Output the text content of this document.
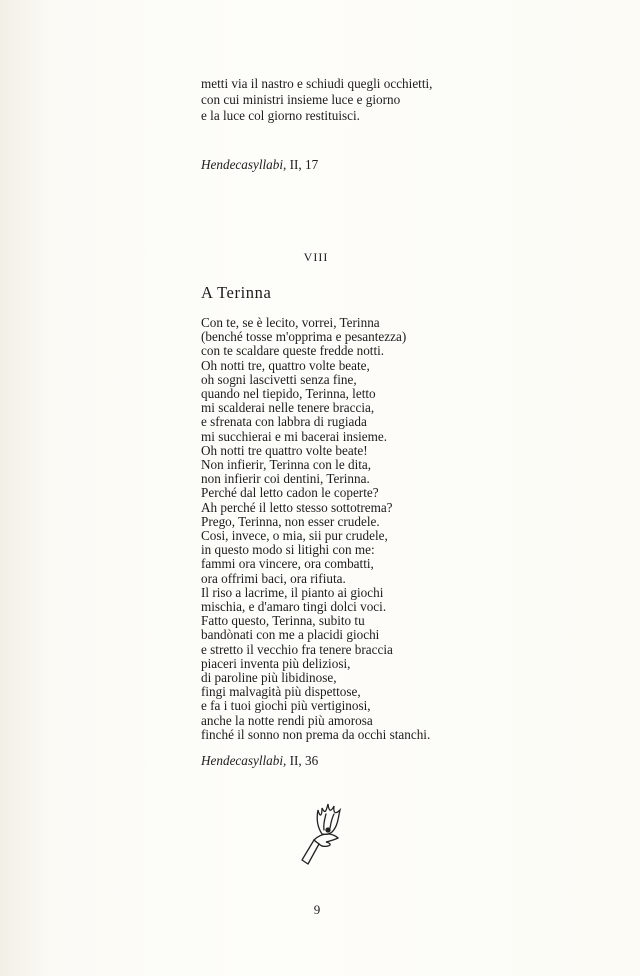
metti via il nastro e schiudi quegli occhietti,
con cui ministri insieme luce e giorno
e la luce col giorno restituisci.
Hendecasyllabi, II, 17
VIII
A Terinna
Con te, se è lecito, vorrei, Terinna
(benché tosse m'opprima e pesantezza)
con te scaldare queste fredde notti.
Oh notti tre, quattro volte beate,
oh sogni lascivetti senza fine,
quando nel tiepido, Terinna, letto
mi scalderai nelle tenere braccia,
e sfrenata con labbra di rugiada
mi succhierai e mi bacerai insieme.
Oh notti tre quattro volte beate!
Non infierir, Terinna con le dita,
non infierir coi dentini, Terinna.
Perché dal letto cadon le coperte?
Ah perché il letto stesso sottotrema?
Prego, Terinna, non esser crudele.
Cosi, invece, o mia, sii pur crudele,
in questo modo si litighi con me:
fammi ora vincere, ora combatti,
ora offrimi baci, ora rifiuta.
Il riso a lacrime, il pianto ai giochi
mischia, e d'amaro tingi dolci voci.
Fatto questo, Terinna, subito tu
bandònati con me a placidi giochi
e stretto il vecchio fra tenere braccia
piaceri inventa più deliziosi,
di paroline più libidinose,
fingi malvagità più dispettose,
e fa i tuoi giochi più vertiginosi,
anche la notte rendi più amorosa
finché il sonno non prema da occhi stanchi.
Hendecasyllabi, II, 36
9
